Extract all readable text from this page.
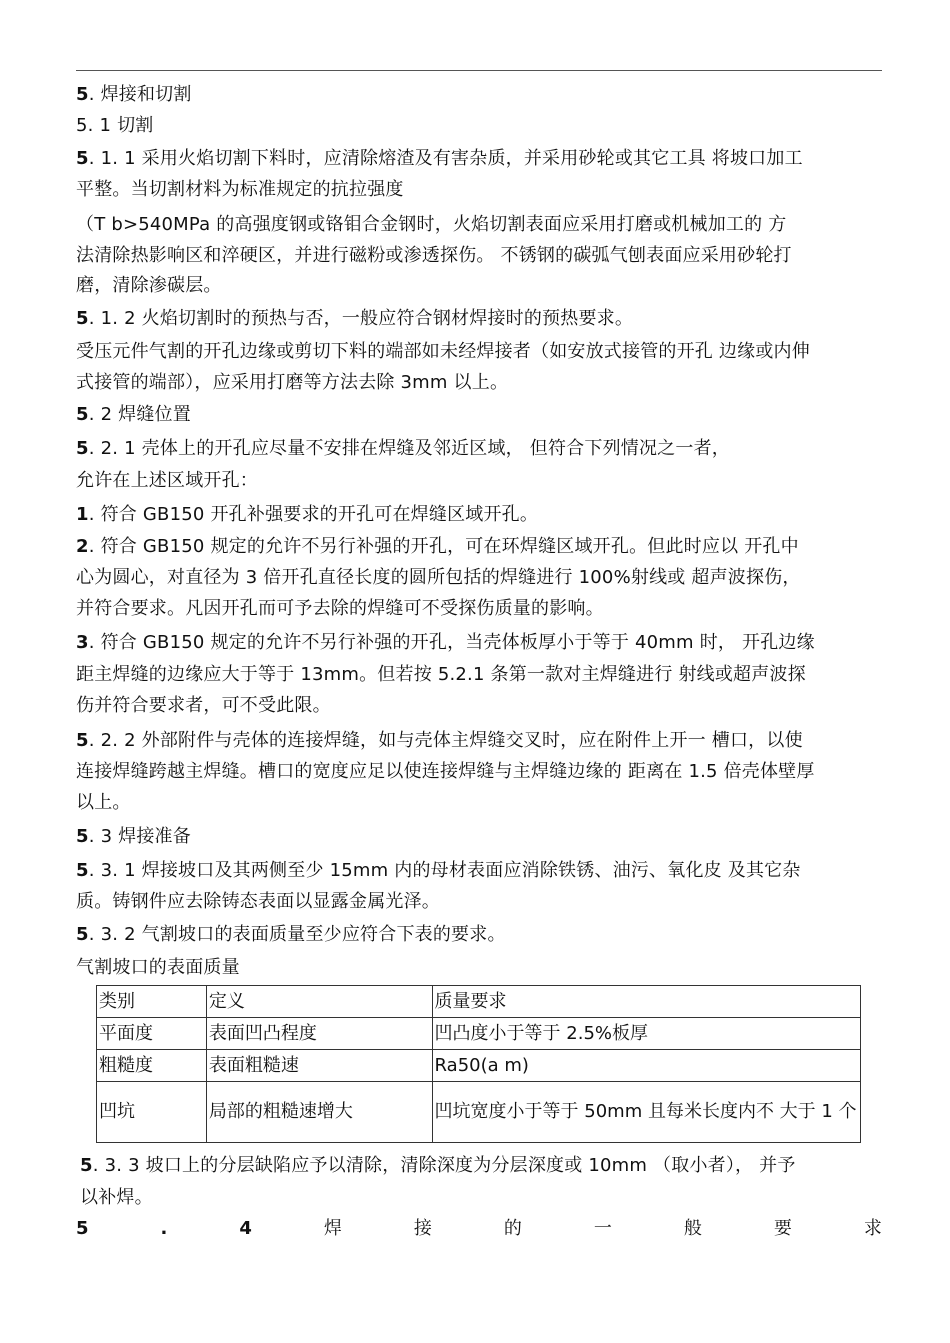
5. 焊接和切割
5. 1 切割
5. 1. 1 采用火焰切割下料时，应清除熔渣及有害杂质，并采用砂轮或其它工具 将坡口加工
平整。当切割材料为标准规定的抗拉强度
（T b>540MPa 的高强度钢或铬钼合金钢时，火焰切割表面应采用打磨或机械加工的 方
法清除热影响区和淬硬区，并进行磁粉或渗透探伤。 不锈钢的碳弧气刨表面应采用砂轮打
磨，清除渗碳层。
5. 1. 2 火焰切割时的预热与否，一般应符合钢材焊接时的预热要求。
受压元件气割的开孔边缘或剪切下料的端部如未经焊接者（如安放式接管的开孔 边缘或内伸
式接管的端部），应采用打磨等方法去除 3mm 以上。
5. 2 焊缝位置
5. 2. 1 壳体上的开孔应尽量不安排在焊缝及邻近区域， 但符合下列情况之一者，
允许在上述区域开孔：
1. 符合 GB150 开孔补强要求的开孔可在焊缝区域开孔。
2. 符合 GB150 规定的允许不另行补强的开孔，可在环焊缝区域开孔。但此时应以 开孔中
心为圆心，对直径为 3 倍开孔直径长度的圆所包括的焊缝进行 100%射线或 超声波探伤，
并符合要求。凡因开孔而可予去除的焊缝可不受探伤质量的影响。
3. 符合 GB150 规定的允许不另行补强的开孔，当壳体板厚小于等于 40mm 时， 开孔边缘
距主焊缝的边缘应大于等于 13mm。但若按 5.2.1 条第一款对主焊缝进行 射线或超声波探
伤并符合要求者，可不受此限。
5. 2. 2 外部附件与壳体的连接焊缝，如与壳体主焊缝交叉时，应在附件上开一 槽口，以使
连接焊缝跨越主焊缝。槽口的宽度应足以使连接焊缝与主焊缝边缘的 距离在 1.5 倍壳体壁厚
以上。
5. 3 焊接准备
5. 3. 1 焊接坡口及其两侧至少 15mm 内的母材表面应消除铁锈、油污、氧化皮 及其它杂
质。铸钢件应去除铸态表面以显露金属光泽。
5. 3. 2 气割坡口的表面质量至少应符合下表的要求。
气割坡口的表面质量
类别	定义	质量要求
平面度	表面凹凸程度	凹凸度小于等于 2.5%板厚
粗糙度	表面粗糙速	Ra50(a m)
凹坑	局部的粗糙速增大	凹坑宽度小于等于 50mm 且每米长度内不 大于 1 个
5. 3. 3 坡口上的分层缺陷应予以清除，清除深度为分层深度或 10mm （取小者）， 并予
以补焊。
5	.	4	焊	接	的	一	般	要	求
